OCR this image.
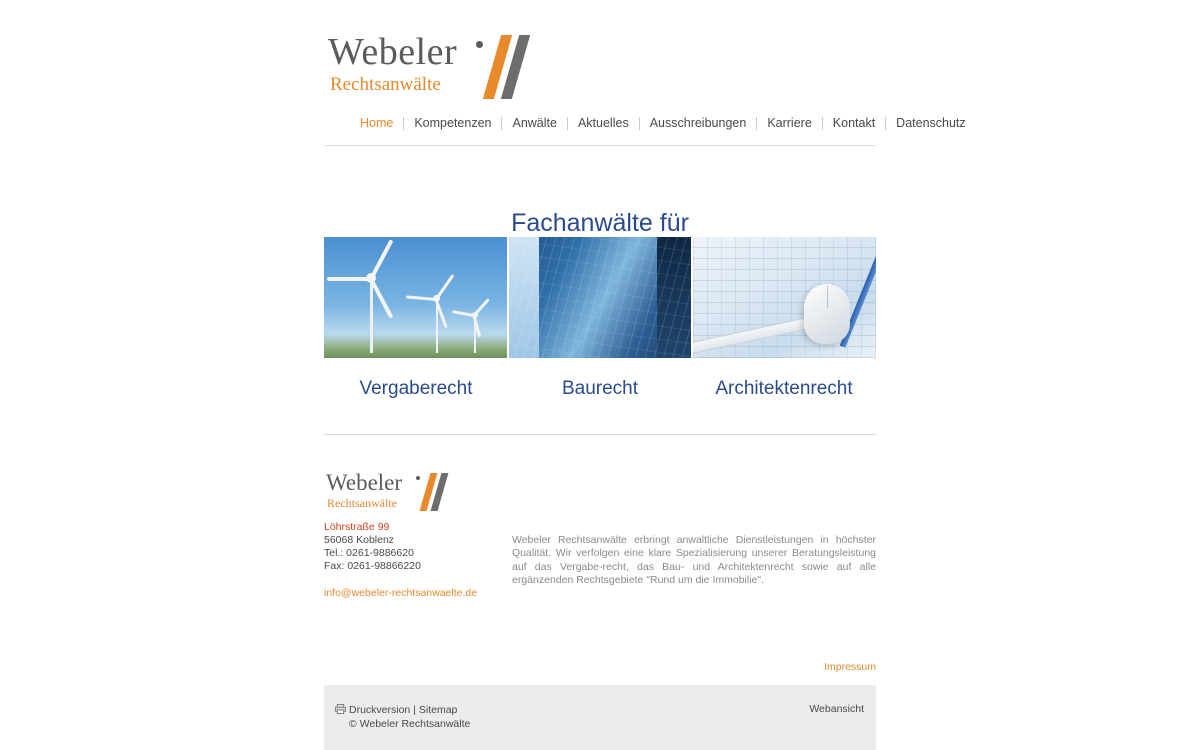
Webeler
Rechtsanwälte
Home	Kompetenzen	Anwälte	Aktuelles	Ausschreibungen	Karriere	Kontakt	Datenschutz
Fachanwälte für
Vergaberecht	Baurecht	Architektenrecht
Webeler
Rechtsanwälte
Löhrstraße 99
56068 Koblenz
Tel.: 0261-9886620
Fax: 0261-98866220
info@webeler-rechtsanwaelte.de

Webeler Rechtsanwälte erbringt anwaltliche Dienstleistungen in höchster Qualität. Wir verfolgen eine klare Spezialisierung unserer Beratungsleistung auf das Vergabe-recht, das Bau- und Architektenrecht sowie auf alle ergänzenden Rechtsgebiete "Rund um die Immobilie".

Impressum
Druckversion | Sitemap
© Webeler Rechtsanwälte
Webansicht
